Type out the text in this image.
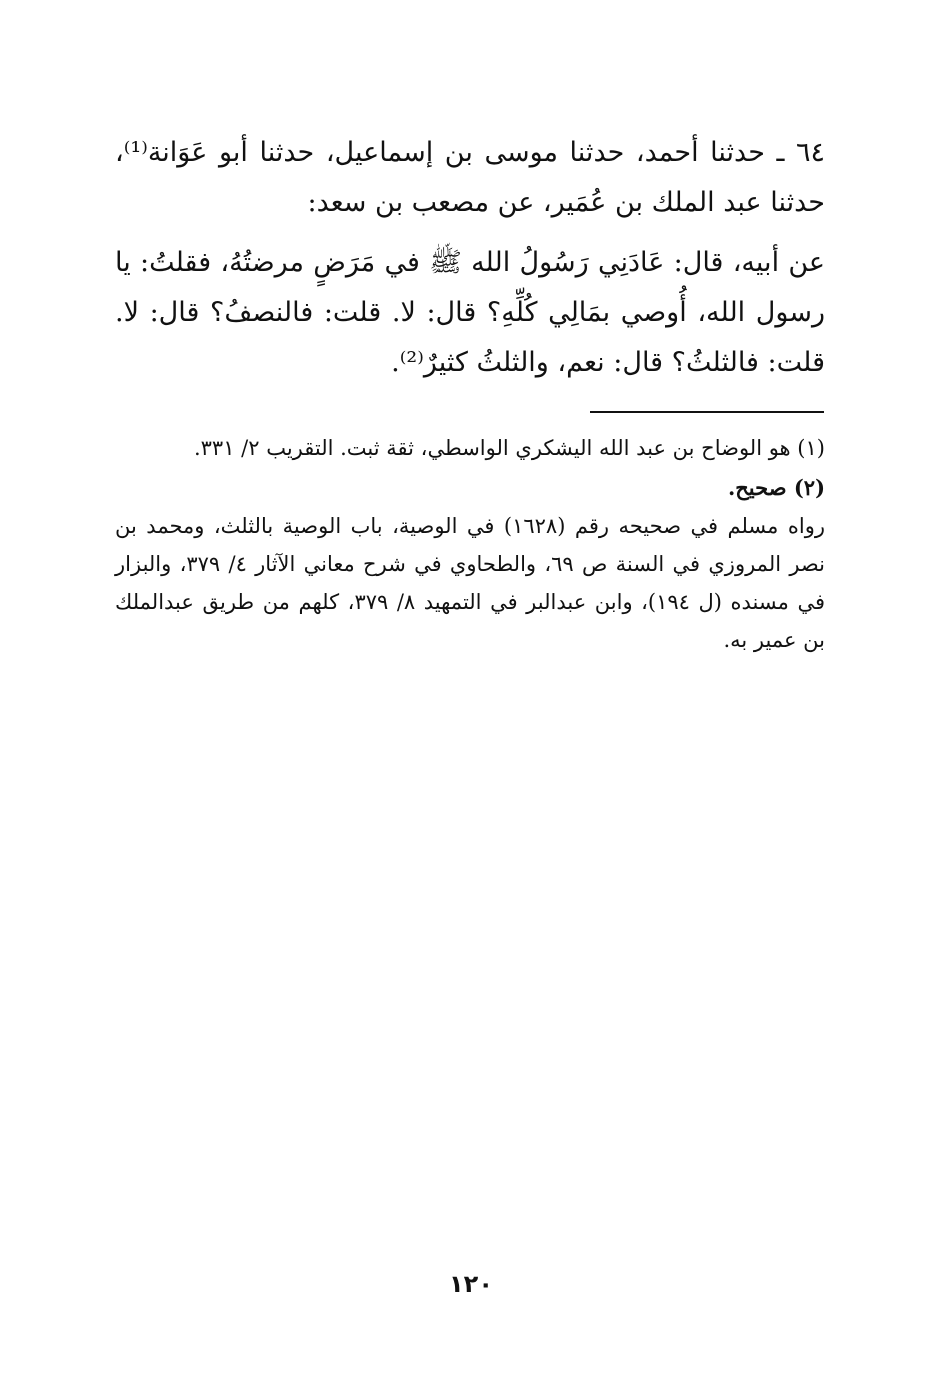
٦٤ ـ حدثنا أحمد، حدثنا موسى بن إسماعيل، حدثنا أبو عَوَانة⁽¹⁾، حدثنا عبد الملك بن عُمَير، عن مصعب بن سعد:

عن أبيه، قال: عَادَنِي رَسُولُ الله ﷺ في مَرَضٍ مرضتُهُ، فقلتُ: يا رسول الله، أُوصي بمَالِي كُلِّهِ؟ قال: لا. قلت: فالنصفُ؟ قال: لا. قلت: فالثلثُ؟ قال: نعم، والثلثُ كثيرٌ⁽²⁾.

(١) هو الوضاح بن عبد الله اليشكري الواسطي، ثقة ثبت. التقريب ٢/ ٣٣١.

(٢) صحيح.

رواه مسلم في صحيحه رقم (١٦٢٨) في الوصية، باب الوصية بالثلث، ومحمد بن نصر المروزي في السنة ص ٦٩، والطحاوي في شرح معاني الآثار ٤/ ٣٧٩، والبزار في مسنده (ل ١٩٤)، وابن عبدالبر في التمهيد ٨/ ٣٧٩، كلهم من طريق عبدالملك بن عمير به.

١٢٠
